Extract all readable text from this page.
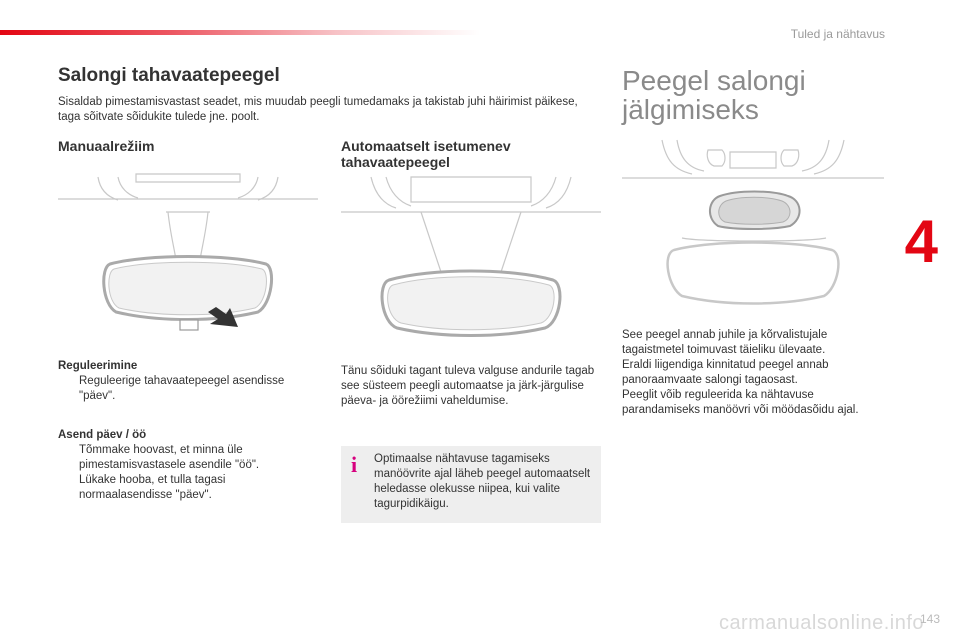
Tuled ja nähtavus
4
Salongi tahavaatepeegel
Sisaldab pimestamisvastast seadet, mis muudab peegli tumedamaks ja takistab juhi häirimist päikese, taga sõitvate sõidukite tulede jne. poolt.
Manuaalrežiim	Automaatselt isetumenev tahavaatepeegel
Peegel salongi jälgimiseks
Reguleerimine
Reguleerige tahavaatepeegel asendisse "päev".
Asend päev / öö
Tõmmake hoovast, et minna üle pimestamisvastasele asendile "öö".
Lükake hooba, et tulla tagasi normaalasendisse "päev".
Tänu sõiduki tagant tuleva valguse andurile tagab see süsteem peegli automaatse ja järk-järgulise päeva- ja öörežiimi vaheldumise.
i	Optimaalse nähtavuse tagamiseks manöövrite ajal läheb peegel automaatselt heledasse olekusse niipea, kui valite tagurpidikäigu.
See peegel annab juhile ja kõrvalistujale tagaistmetel toimuvast täieliku ülevaate.
Eraldi liigendiga kinnitatud peegel annab panoraamvaate salongi tagaosast.
Peeglit võib reguleerida ka nähtavuse parandamiseks manöövri või möödasõidu ajal.
carmanualsonline.info
143
